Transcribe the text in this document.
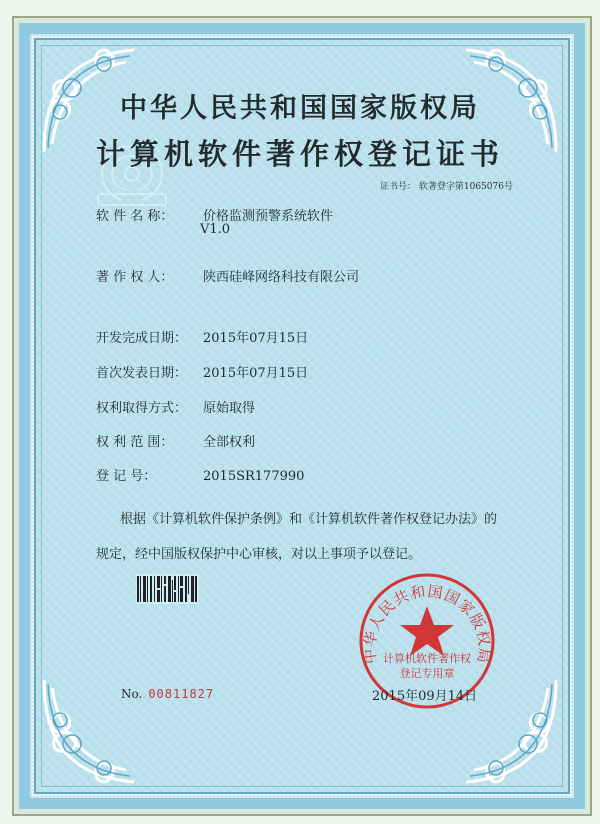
中华人民共和国国家版权局
计算机软件著作权登记证书
证书号： 软著登字第1065076号
软 件 名 称： 价格监测预警系统软件
V1.0
著 作 权 人： 陕西硅峰网络科技有限公司
开发完成日期： 2015年07月15日
首次发表日期： 2015年07月15日
权利取得方式： 原始取得
权 利 范 围： 全部权利
登 记 号：	2015SR177990
根据《计算机软件保护条例》和《计算机软件著作权登记办法》的
规定，经中国版权保护中心审核，对以上事项予以登记。
计算机软件著作权
登记专用章
中华人民共和国国家版权局
No. 00811827	2015年09月14日
